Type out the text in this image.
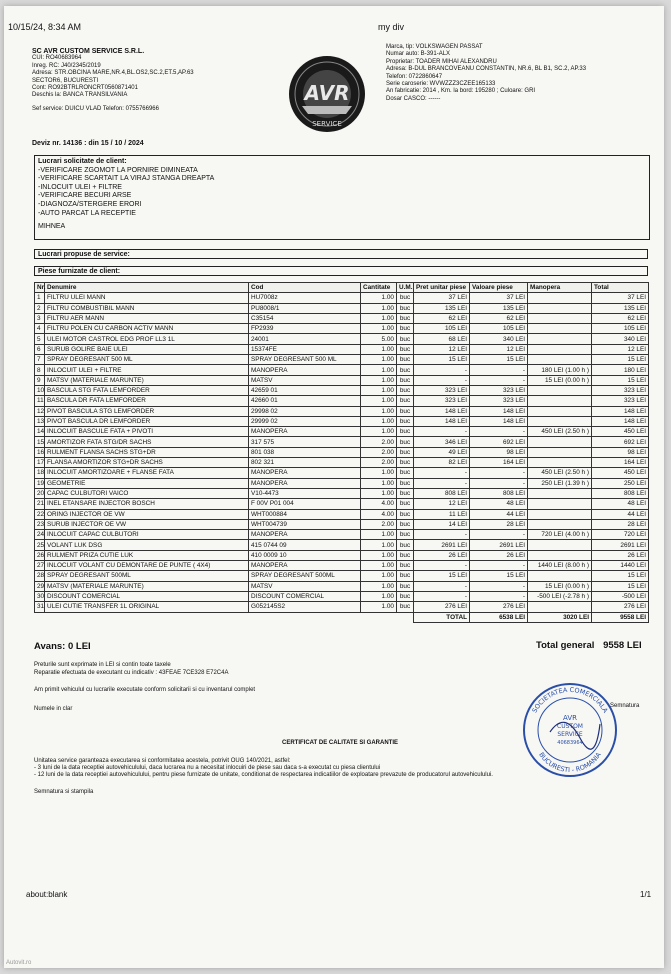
10/15/24, 8:34 AM	my div
SC AVR CUSTOM SERVICE S.R.L.
CUI: RO40683964
Inreg. RC: J40/2345/2019
Adresa: STR.OBCINA MARE,NR.4,BL.OS2,SC.2,ET.5,AP.63
SECTOR6, BUCURESTI
Cont: RO92BTRLRONCRT0560871401
Deschis la: BANCA TRANSILVANIA
Sef service: DUICU VLAD Telefon: 0755766966
AVR
SERVICE
Marca, tip: VOLKSWAGEN PASSAT
Numar auto: B-391-ALX
Proprietar: TOADER MIHAI ALEXANDRU
Adresa: B-DUL BRANCOVEANU CONSTANTIN, NR.6, BL B1, SC.2, AP.33
Telefon: 0722860647
Serie caroserie: WVWZZZ3CZEE165133
An fabricatie: 2014 , Km. la bord: 195280 ; Culoare: GRI
Dosar CASCO: ------
Deviz nr. 14136 : din 15 / 10 / 2024
Lucrari solicitate de client:
-VERIFICARE ZGOMOT LA PORNIRE DIMINEATA
-VERIFICARE SCARTAIT LA VIRAJ STANGA DREAPTA
-INLOCUIT ULEI + FILTRE
-VERIFICARE BECURI ARSE
-DIAGNOZA/STERGERE ERORI
-AUTO PARCAT LA RECEPTIE
MIHNEA
Lucrari propuse de service:
Piese furnizate de client:
Nr.	Denumire	Cod	Cantitate	U.M.	Pret unitar piese	Valoare piese	Manopera	Total
1	FILTRU ULEI MANN	HU7008z	1.00	buc	37 LEI	37 LEI		37 LEI
2	FILTRU COMBUSTIBIL MANN	PU8008/1	1.00	buc	135 LEI	135 LEI		135 LEI
3	FILTRU AER MANN	C35154	1.00	buc	62 LEI	62 LEI		62 LEI
4	FILTRU POLEN CU CARBON ACTIV MANN	FP2939	1.00	buc	105 LEI	105 LEI		105 LEI
5	ULEI MOTOR CASTROL EDG PROF LL3 1L	24001	5.00	buc	68 LEI	340 LEI		340 LEI
6	SURUB GOLIRE BAIE ULEI	15374FE	1.00	buc	12 LEI	12 LEI		12 LEI
7	SPRAY DEGRESANT 500 ML	SPRAY DEGRESANT 500 ML	1.00	buc	15 LEI	15 LEI		15 LEI
8	INLOCUIT ULEI + FILTRE	MANOPERA	1.00	buc	-	-	180 LEI (1.00 h )	180 LEI
9	MATSV (MATERIALE MARUNTE)	MATSV	1.00	buc	-	-	15 LEI (0.00 h )	15 LEI
10	BASCULA STG FATA LEMFORDER	42659 01	1.00	buc	323 LEI	323 LEI		323 LEI
11	BASCULA DR FATA LEMFORDER	42660 01	1.00	buc	323 LEI	323 LEI		323 LEI
12	PIVOT BASCULA STG LEMFORDER	29998 02	1.00	buc	148 LEI	148 LEI		148 LEI
13	PIVOT BASCULA DR LEMFORDER	29999 02	1.00	buc	148 LEI	148 LEI		148 LEI
14	INLOCUIT BASCULE FATA + PIVOTI	MANOPERA	1.00	buc	-	-	450 LEI (2.50 h )	450 LEI
15	AMORTIZOR FATA STG/DR SACHS	317 575	2.00	buc	346 LEI	692 LEI		692 LEI
16	RULMENT FLANSA SACHS STG+DR	801 038	2.00	buc	49 LEI	98 LEI		98 LEI
17	FLANSA AMORTIZOR STG+DR SACHS	802 321	2.00	buc	82 LEI	164 LEI		164 LEI
18	INLOCUIT AMORTIZOARE + FLANSE FATA	MANOPERA	1.00	buc	-	-	450 LEI (2.50 h )	450 LEI
19	GEOMETRIE	MANOPERA	1.00	buc	-	-	250 LEI (1.39 h )	250 LEI
20	CAPAC CULBUTORI VAICO	V10-4473	1.00	buc	808 LEI	808 LEI		808 LEI
21	INEL ETANSARE INJECTOR BOSCH	F 00V P01 004	4.00	buc	12 LEI	48 LEI		48 LEI
22	ORING INJECTOR OE VW	WHT000884	4.00	buc	11 LEI	44 LEI		44 LEI
23	SURUB INJECTOR OE VW	WHT004739	2.00	buc	14 LEI	28 LEI		28 LEI
24	INLOCUIT CAPAC CULBUTORI	MANOPERA	1.00	buc	-	-	720 LEI (4.00 h )	720 LEI
25	VOLANT LUK DSG	415 0744 09	1.00	buc	2691 LEI	2691 LEI		2691 LEI
26	RULMENT PRIZA CUTIE LUK	410 0009 10	1.00	buc	26 LEI	26 LEI		26 LEI
27	INLOCUIT VOLANT CU DEMONTARE DE PUNTE ( 4X4)	MANOPERA	1.00	buc	-	-	1440 LEI (8.00 h )	1440 LEI
28	SPRAY DEGRESANT 500ML	SPRAY DEGRESANT 500ML	1.00	buc	15 LEI	15 LEI		15 LEI
29	MATSV (MATERIALE MARUNTE)	MATSV	1.00	buc	-	-	15 LEI (0.00 h )	15 LEI
30	DISCOUNT COMERCIAL	DISCOUNT COMERCIAL	1.00	buc	-	-	-500 LEI (-2.78 h )	-500 LEI
31	ULEI CUTIE TRANSFER 1L ORIGINAL	G052145S2	1.00	buc	276 LEI	276 LEI		276 LEI
					TOTAL	6538 LEI	3020 LEI	9558 LEI
Avans: 0 LEI	Total general 9558 LEI
Preturile sunt exprimate in LEI si contin toate taxele
Reparatie efectuata de executant cu indicativ : 43FEAE 7CE328 E72C4A
Am primit vehiculul cu lucrarile executate conform solicitarii si cu inventarul complet
Numele in clar	Semnatura
SOCIETATEA COMERCIALA
BUCURESTI - ROMANIA
AVR
CUSTOM
SERVICE
40683964
CERTIFICAT DE CALITATE SI GARANTIE
Unitatea service garanteaza executarea si conformitatea acestela, potrivit OUG 140/2021, astfel:
- 3 luni de la data receptiei autovehiculului, daca lucrarea nu a necesitat inlocuiri de piese sau daca s-a executat cu piesa clientului
- 12 luni de la data receptiei autovehiculului, pentru piese furnizate de unitate, conditionat de respectarea indicatiilor de exploatare prevazute de producatorul autovehiculului.
Semnatura si stampila
about:blank	1/1
Autovit.ro
